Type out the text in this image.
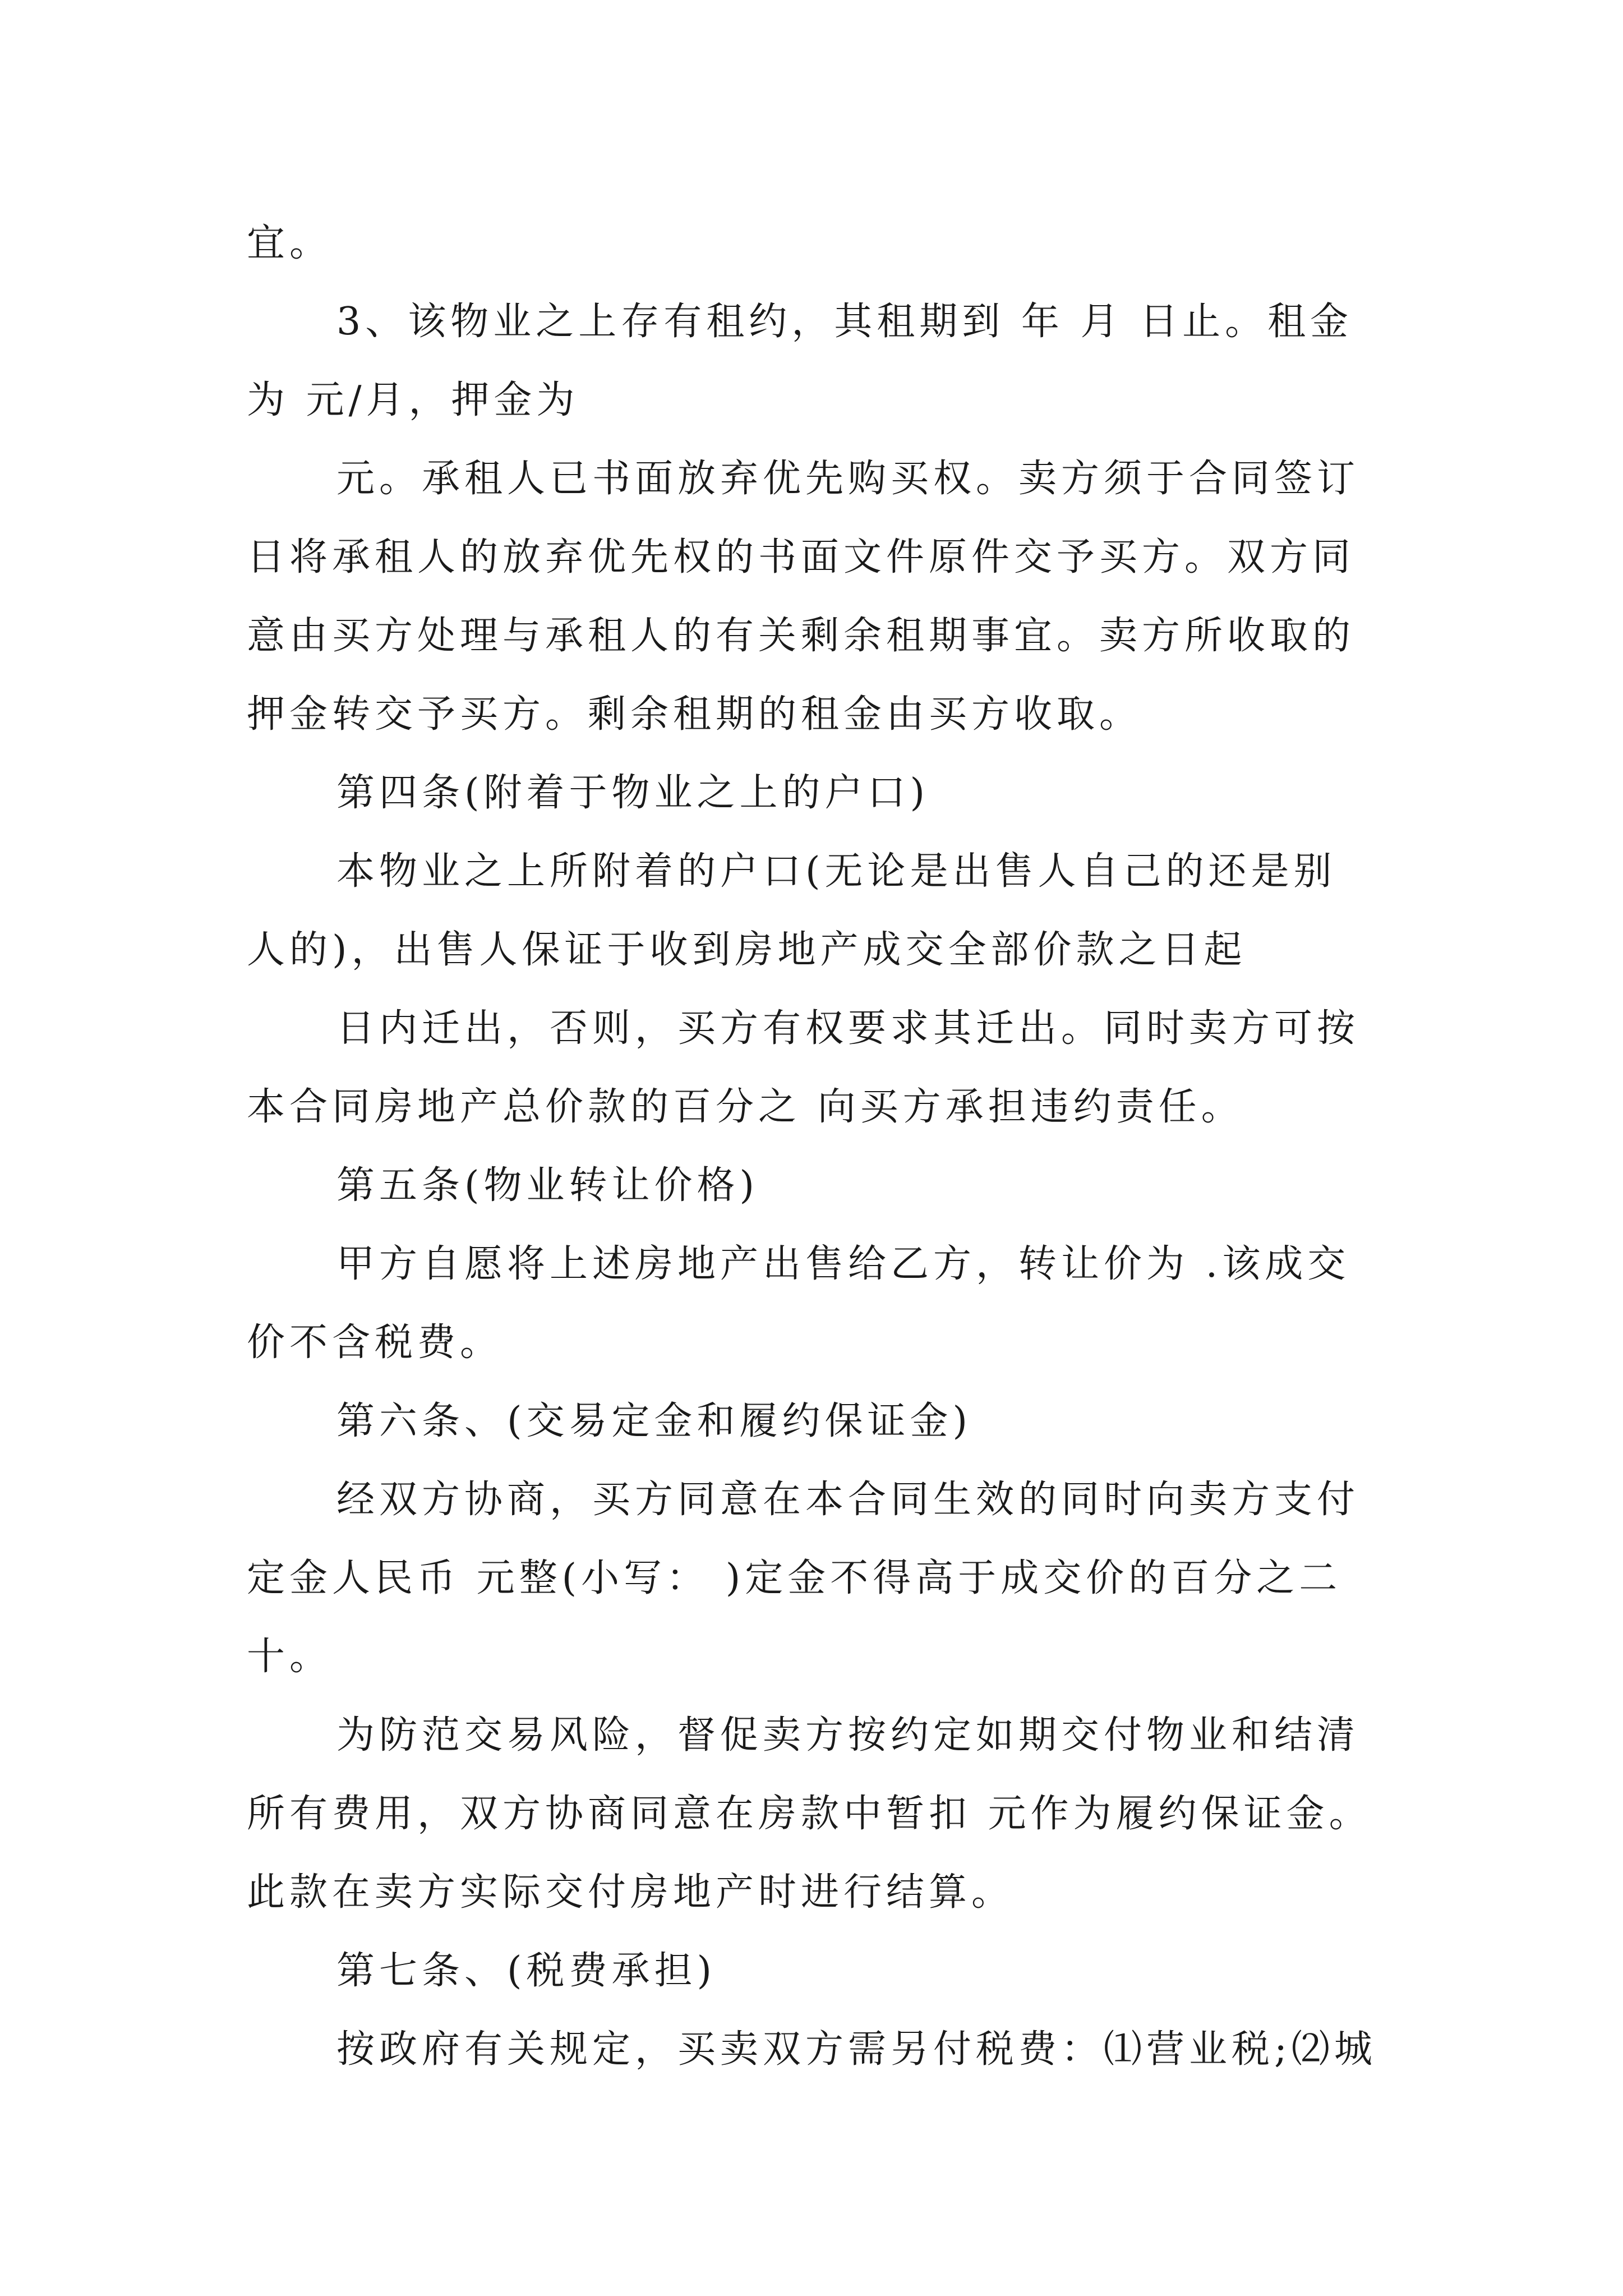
宜。
3、该物业之上存有租约，其租期到 年 月 日止。租金
为 元/月，押金为
元。承租人已书面放弃优先购买权。卖方须于合同签订
日将承租人的放弃优先权的书面文件原件交予买方。双方同
意由买方处理与承租人的有关剩余租期事宜。卖方所收取的
押金转交予买方。剩余租期的租金由买方收取。
第四条(附着于物业之上的户口)
本物业之上所附着的户口(无论是出售人自己的还是别
人的)，出售人保证于收到房地产成交全部价款之日起
日内迁出，否则，买方有权要求其迁出。同时卖方可按
本合同房地产总价款的百分之 向买方承担违约责任。
第五条(物业转让价格)
甲方自愿将上述房地产出售给乙方，转让价为 .该成交
价不含税费。
第六条、(交易定金和履约保证金)
经双方协商，买方同意在本合同生效的同时向卖方支付
定金人民币 元整(小写： )定金不得高于成交价的百分之二
十。
为防范交易风险，督促卖方按约定如期交付物业和结清
所有费用，双方协商同意在房款中暂扣 元作为履约保证金。
此款在卖方实际交付房地产时进行结算。
第七条、(税费承担)
按政府有关规定，买卖双方需另付税费：⑴营业税;⑵城
